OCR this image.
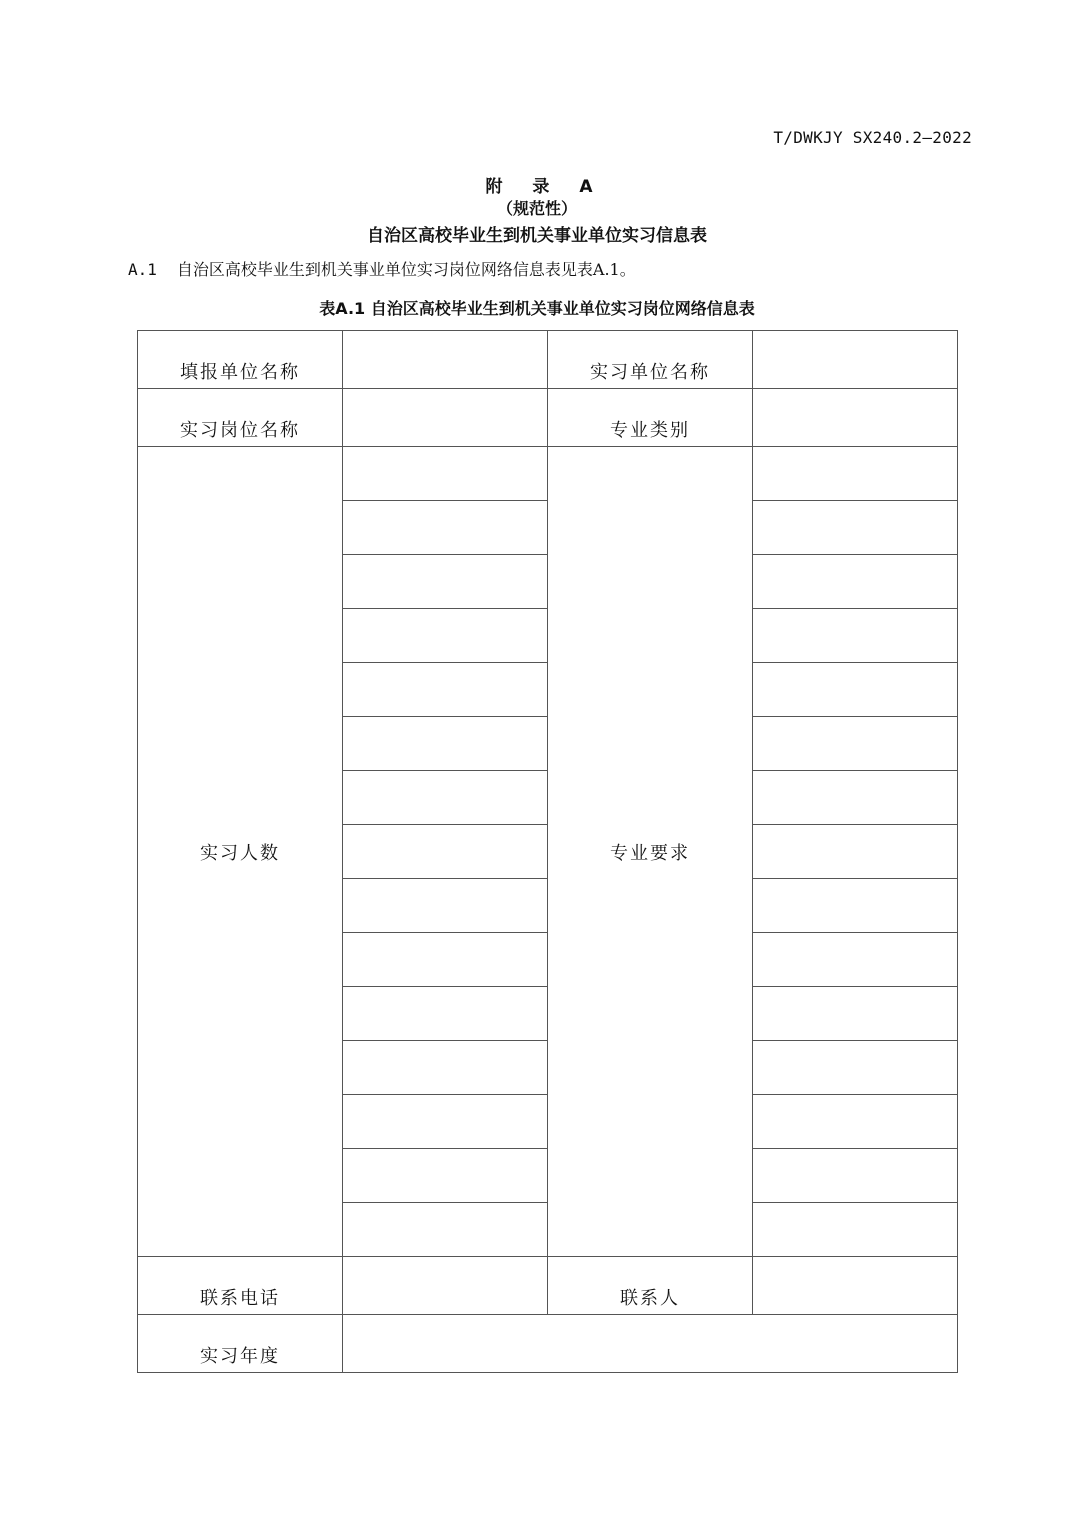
T/DWKJY SX240.2—2022
附 录 A
（规范性）
自治区高校毕业生到机关事业单位实习信息表
A.1 自治区高校毕业生到机关事业单位实习岗位网络信息表见表A.1。
表A.1 自治区高校毕业生到机关事业单位实习岗位网络信息表
填报单位名称		实习单位名称	
实习岗位名称		专业类别	
实习人数		专业要求	

联系电话		联系人	
实习年度			
